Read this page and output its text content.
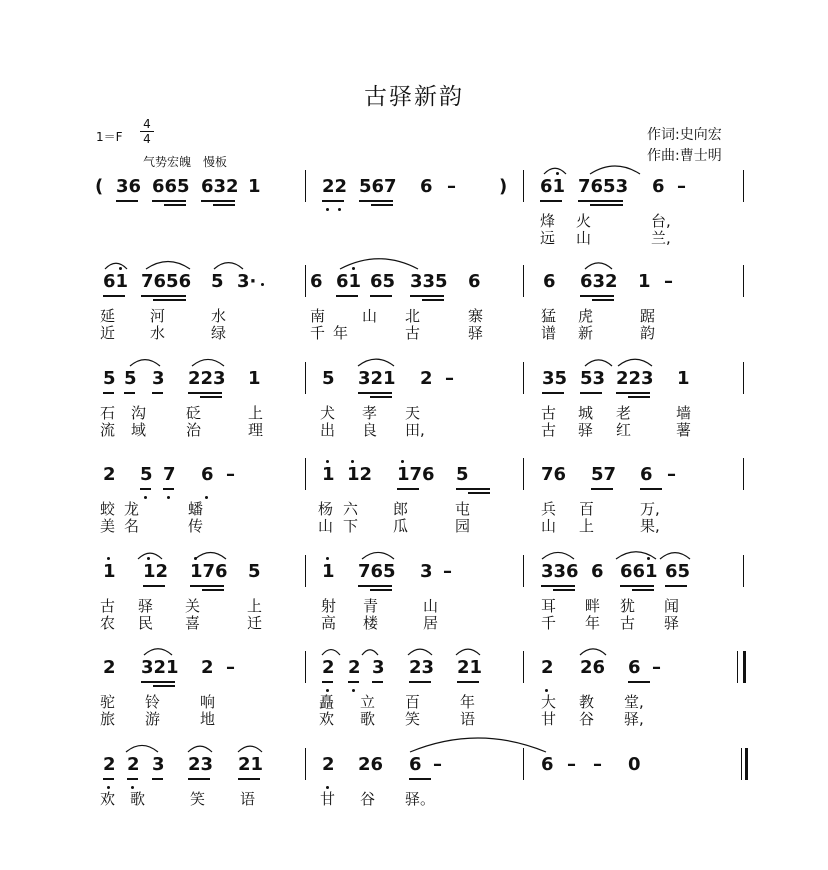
古驿新韵
1＝F
4
4
气势宏魄　慢板
作词:史向宏
作曲:曹士明
( 36 665 632 1	22 567 6 – ) 61 7653 6 –
烽 火	台,
远 山	兰,
61 7656 5 3·	6 61 65 335 6	6 632 1 –
延 河	水	南 山 北	寨	猛 虎	踞
近 水	绿	千 年	古	驿	谱 新	韵
5 5 3 223 1	5 321 2 –	35 53 223 1
石 沟	砭	上	犬 孝 天	古 城 老	墙
流 域	治	理	出 良 田,	古 驿 红	薯
2 5 7 6 –	1 12 176 5	76 57 6 –
蛟 龙	蟠	杨 六 郎	屯	兵 百	万,
美 名	传	山 下 瓜	园	山 上	果,
1 12 176 5	1 765 3 –	336 6 661 65
古 驿 关	上	射 青	山	耳 畔 犹 闻
农 民 喜	迁	高 楼	居	千 年 古 驿
2 321 2 –	2 2 3 23 21	2 26 6 –
驼 铃	响	矗 立 百	年	大 教 堂,
旅 游	地	欢 歌 笑	语	甘 谷 驿,
2 2 3 23 21	2 26 6 –	6 – – 0
欢 歌	笑 语	甘 谷 驿。
